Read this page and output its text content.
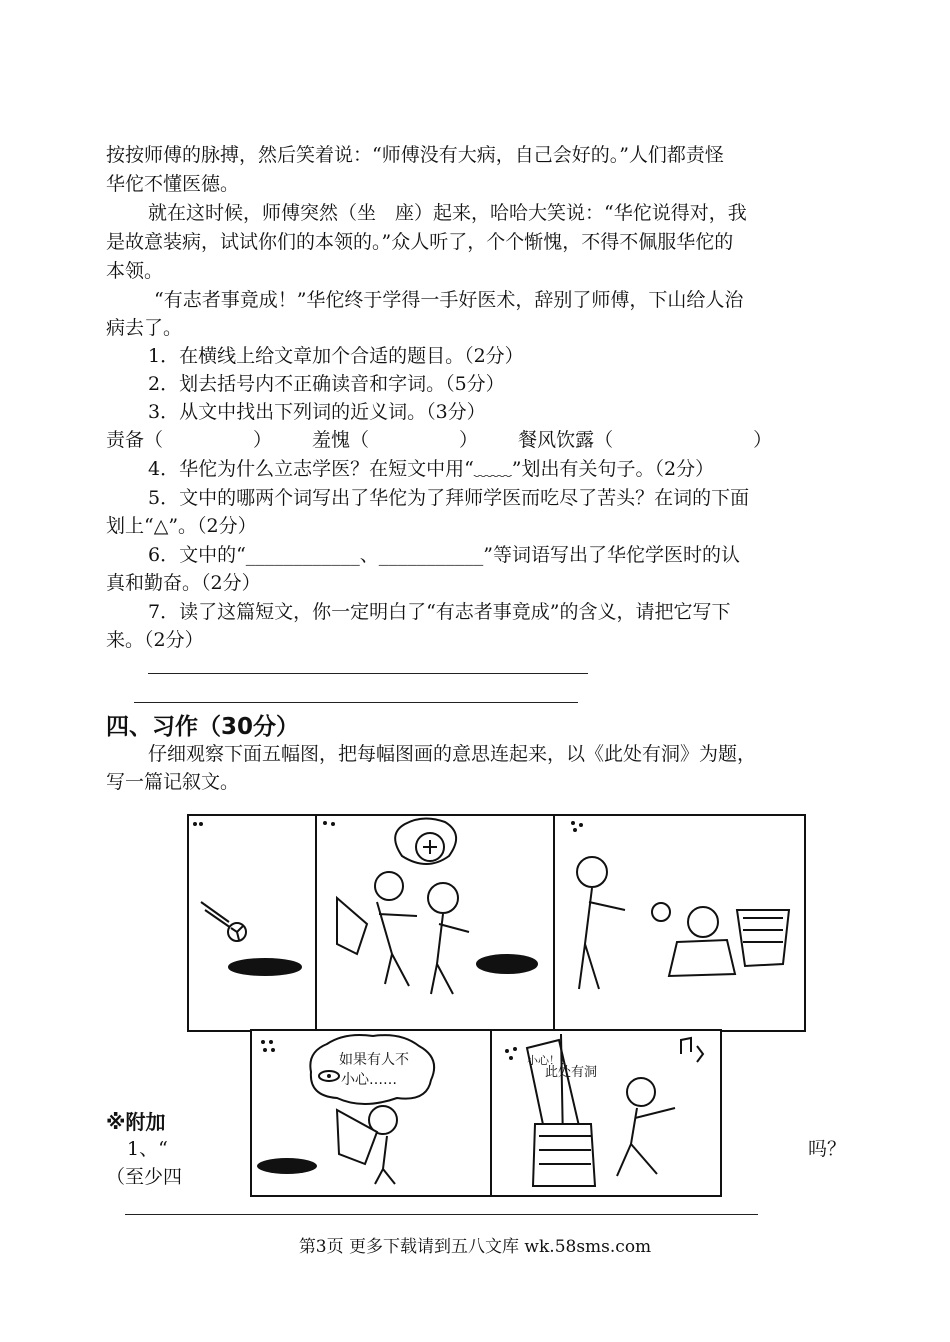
按按师傅的脉搏，然后笑着说：“师傅没有大病，自己会好的。”人们都责怪
华佗不懂医德。
就在这时候，师傅突然（坐　座）起来，哈哈大笑说：“华佗说得对，我
是故意装病，试试你们的本领的。”众人听了，个个惭愧，不得不佩服华佗的
本领。
“有志者事竟成！”华佗终于学得一手好医术，辞别了师傅，下山给人治
病去了。
1．在横线上给文章加个合适的题目。（2分）
2．划去括号内不正确读音和字词。（5分）
3．从文中找出下列词的近义词。（3分）
责备（	） 羞愧（	） 餐风饮露（	）
4．华佗为什么立志学医？在短文中用“﹏﹏”划出有关句子。（2分）
5．文中的哪两个词写出了华佗为了拜师学医而吃尽了苦头？在词的下面
划上“△”。（2分）
6．文中的“____________、___________”等词语写出了华佗学医时的认
真和勤奋。（2分）
7．读了这篇短文，你一定明白了“有志者事竟成”的含义，请把它写下
来。（2分）
四、习作（30分）
仔细观察下面五幅图，把每幅图画的意思连起来，以《此处有洞》为题，
写一篇记叙文。
※附加
1、“	吗？
（至少四
如果有人不
小心……	此处有洞
小心！！
第3页 更多下载请到五八文库 wk.58sms.com
